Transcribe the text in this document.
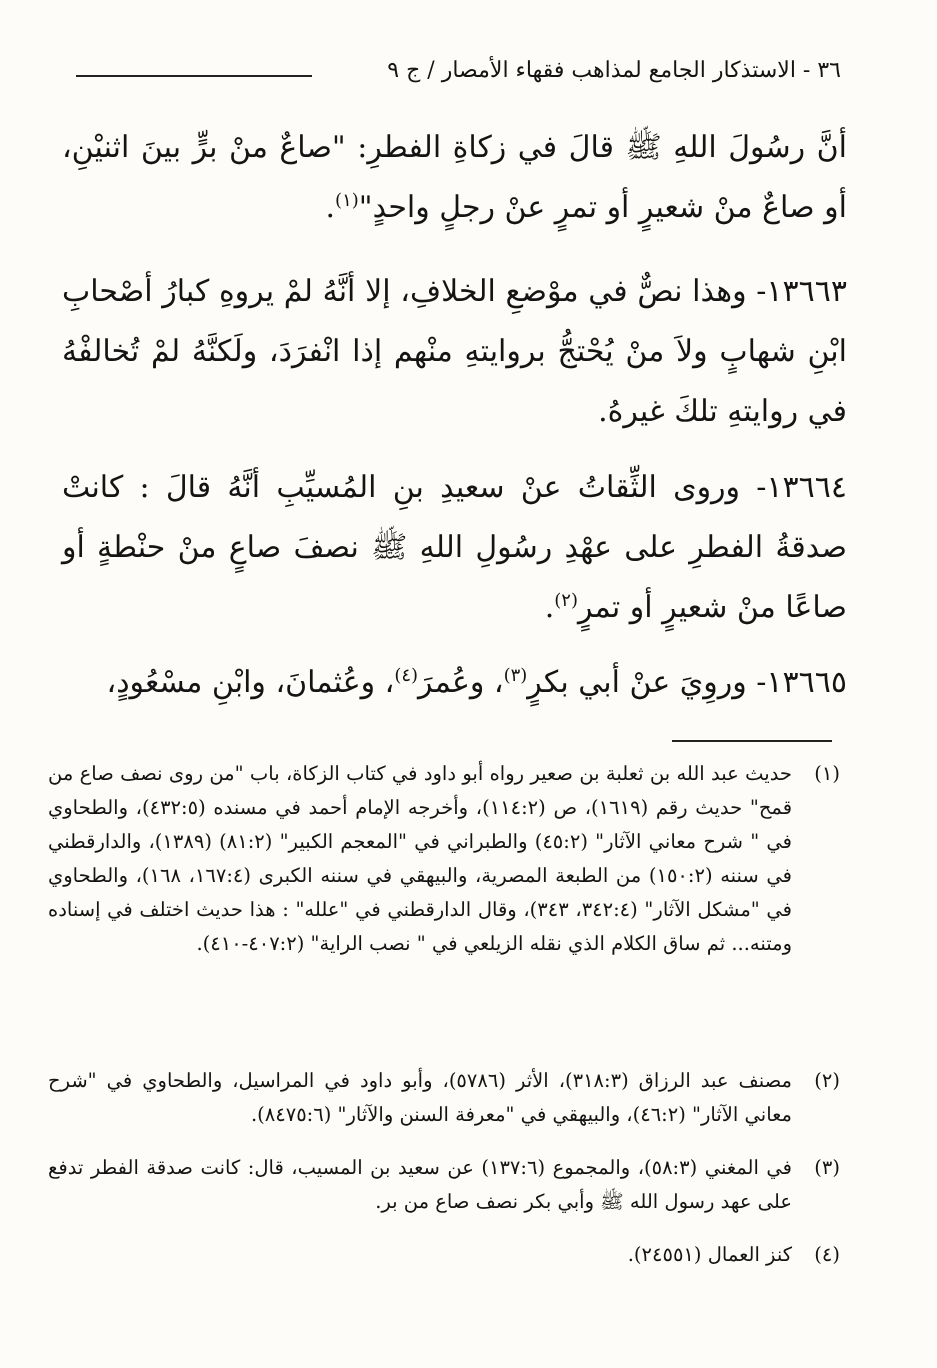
٣٦ - الاستذكار الجامع لمذاهب فقهاء الأمصار / ج ٩
أنَّ رسُولَ اللهِ ﷺ قالَ في زكاةِ الفطرِ: "صاعٌ منْ برٍّ بينَ اثنيْنِ، أو صاعٌ منْ شعيرٍ أو تمرٍ عنْ رجلٍ واحدٍ"$^{(١)}$.
١٣٦٦٣- وهذا نصٌّ في موْضعِ الخلافِ، إلا أنَّهُ لمْ يروهِ كبارُ أصْحابِ ابْنِ شهابٍ ولاَ منْ يُحْتجُّ بروايتهِ منْهم إذا انْفرَدَ، ولَكنَّهُ لمْ تُخالفْهُ في روايتهِ تلكَ غيرهُ.
١٣٦٦٤- وروى الثِّقاتُ عنْ سعيدِ بنِ المُسيِّبِ أنَّهُ قالَ : كانتْ صدقةُ الفطرِ على عهْدِ رسُولِ اللهِ ﷺ نصفَ صاعٍ منْ حنْطةٍ أو صاعًا منْ شعيرٍ أو تمرٍ$^{(٢)}$.
١٣٦٦٥- وروِيَ عنْ أبي بكرٍ$^{(٣)}$، وعُمرَ$^{(٤)}$، وعُثمانَ، وابْنِ مسْعُودٍ،
(١)
حديث عبد الله بن ثعلبة بن صعير رواه أبو داود في كتاب الزكاة، باب "من روى نصف صاع من قمح" حديث رقم (١٦١٩)، ص (١١٤:٢)، وأخرجه الإمام أحمد في مسنده (٤٣٢:٥)، والطحاوي في " شرح معاني الآثار" (٤٥:٢) والطبراني في "المعجم الكبير" (٨١:٢) (١٣٨٩)، والدارقطني في سننه (١٥٠:٢) من الطبعة المصرية، والبيهقي في سننه الكبرى (١٦٧:٤، ١٦٨)، والطحاوي في "مشكل الآثار" (٣٤٢:٤، ٣٤٣)، وقال الدارقطني في "علله" : هذا حديث اختلف في إسناده ومتنه... ثم ساق الكلام الذي نقله الزيلعي في " نصب الراية" (٤٠٧:٢-٤١٠).
(٢)
مصنف عبد الرزاق (٣١٨:٣)، الأثر (٥٧٨٦)، وأبو داود في المراسيل، والطحاوي في "شرح معاني الآثار" (٤٦:٢)، والبيهقي في "معرفة السنن والآثار" (٨٤٧٥:٦).
(٣)
في المغني (٥٨:٣)، والمجموع (١٣٧:٦) عن سعيد بن المسيب، قال: كانت صدقة الفطر تدفع على عهد رسول الله ﷺ وأبي بكر نصف صاع من بر.
(٤)
كنز العمال (٢٤٥٥١).
